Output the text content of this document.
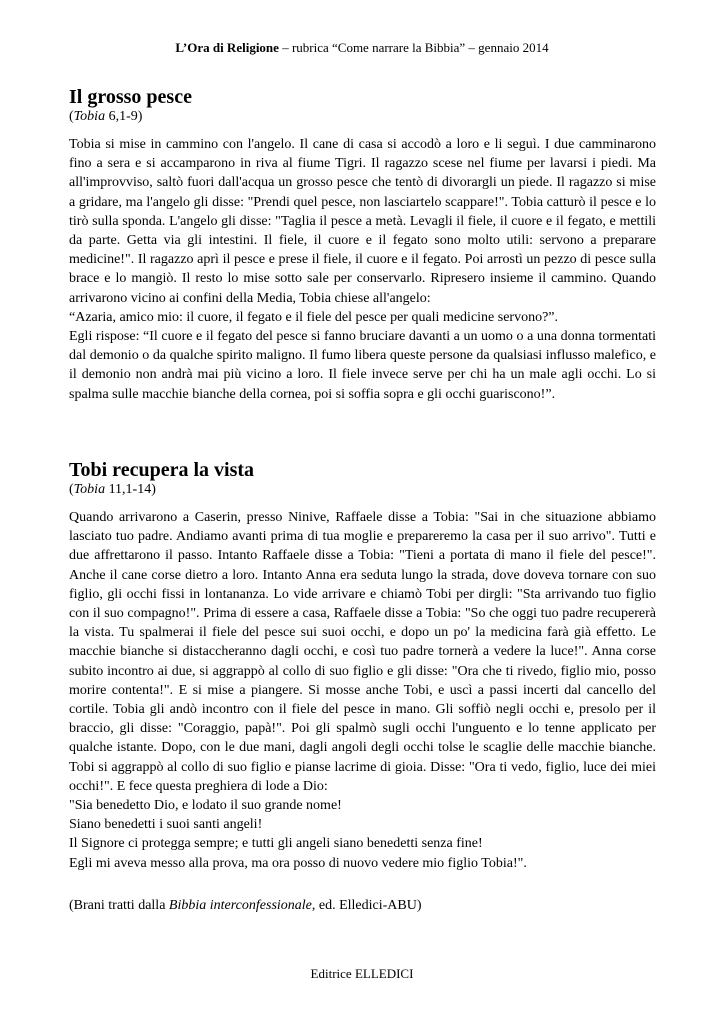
L’Ora di Religione – rubrica “Come narrare la Bibbia” – gennaio 2014
Il grosso pesce
(Tobia 6,1-9)

Tobia si mise in cammino con l'angelo. Il cane di casa si accodò a loro e li seguì. I due camminarono fino a sera e si accamparono in riva al fiume Tigri. Il ragazzo scese nel fiume per lavarsi i piedi. Ma all'improvviso, saltò fuori dall'acqua un grosso pesce che tentò di divorargli un piede. Il ragazzo si mise a gridare, ma l'angelo gli disse: "Prendi quel pesce, non lasciartelo scappare!". Tobia catturò il pesce e lo tirò sulla sponda. L'angelo gli disse: "Taglia il pesce a metà. Levagli il fiele, il cuore e il fegato, e mettili da parte. Getta via gli intestini. Il fiele, il cuore e il fegato sono molto utili: servono a preparare medicine!". Il ragazzo aprì il pesce e prese il fiele, il cuore e il fegato. Poi arrostì un pezzo di pesce sulla brace e lo mangiò. Il resto lo mise sotto sale per conservarlo. Ripresero insieme il cammino. Quando arrivarono vicino ai confini della Media, Tobia chiese all'angelo:

“Azaria, amico mio: il cuore, il fegato e il fiele del pesce per quali medicine servono?”.

Egli rispose: “Il cuore e il fegato del pesce si fanno bruciare davanti a un uomo o a una donna tormentati dal demonio o da qualche spirito maligno. Il fumo libera queste persone da qualsiasi influsso malefico, e il demonio non andrà mai più vicino a loro. Il fiele invece serve per chi ha un male agli occhi. Lo si spalma sulle macchie bianche della cornea, poi si soffia sopra e gli occhi guariscono!”.

Tobi recupera la vista
(Tobia 11,1-14)

Quando arrivarono a Caserin, presso Ninive, Raffaele disse a Tobia: "Sai in che situazione abbiamo lasciato tuo padre. Andiamo avanti prima di tua moglie e prepareremo la casa per il suo arrivo". Tutti e due affrettarono il passo. Intanto Raffaele disse a Tobia: "Tieni a portata di mano il fiele del pesce!". Anche il cane corse dietro a loro. Intanto Anna era seduta lungo la strada, dove doveva tornare con suo figlio, gli occhi fissi in lontananza. Lo vide arrivare e chiamò Tobi per dirgli: "Sta arrivando tuo figlio con il suo compagno!". Prima di essere a casa, Raffaele disse a Tobia: "So che oggi tuo padre recupererà la vista. Tu spalmerai il fiele del pesce sui suoi occhi, e dopo un po' la medicina farà già effetto. Le macchie bianche si distaccheranno dagli occhi, e così tuo padre tornerà a vedere la luce!". Anna corse subito incontro ai due, si aggrappò al collo di suo figlio e gli disse: "Ora che ti rivedo, figlio mio, posso morire contenta!". E si mise a piangere. Si mosse anche Tobi, e uscì a passi incerti dal cancello del cortile. Tobia gli andò incontro con il fiele del pesce in mano. Gli soffiò negli occhi e, presolo per il braccio, gli disse: "Coraggio, papà!". Poi gli spalmò sugli occhi l'unguento e lo tenne applicato per qualche istante. Dopo, con le due mani, dagli angoli degli occhi tolse le scaglie delle macchie bianche. Tobi si aggrappò al collo di suo figlio e pianse lacrime di gioia. Disse: "Ora ti vedo, figlio, luce dei miei occhi!". E fece questa preghiera di lode a Dio:

"Sia benedetto Dio, e lodato il suo grande nome!
Siano benedetti i suoi santi angeli!
Il Signore ci protegga sempre; e tutti gli angeli siano benedetti senza fine!
Egli mi aveva messo alla prova, ma ora posso di nuovo vedere mio figlio Tobia!".
(Brani tratti dalla Bibbia interconfessionale, ed. Elledici-ABU)
Editrice ELLEDICI
